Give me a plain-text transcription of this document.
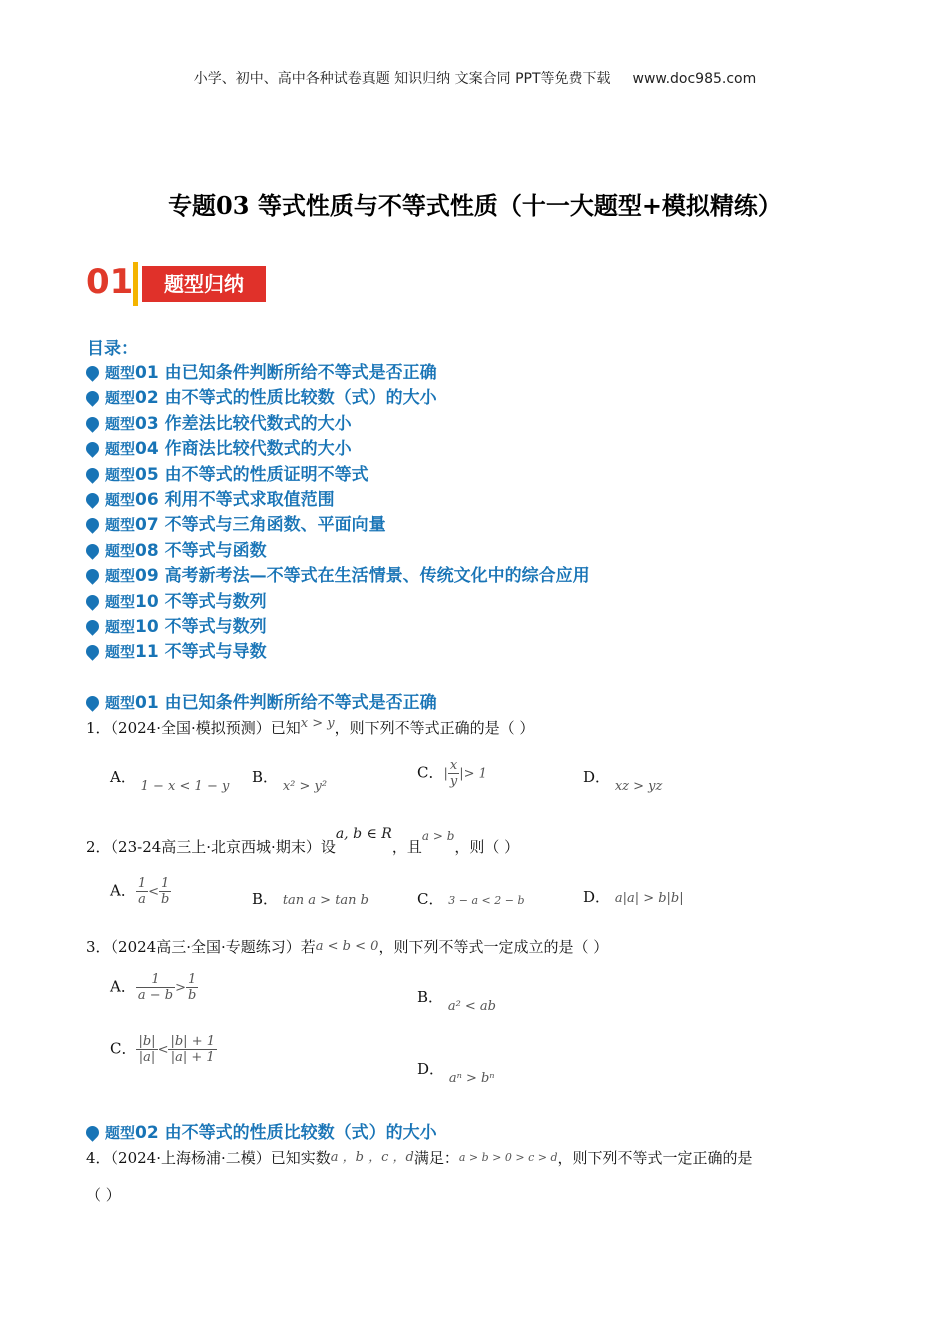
小学、初中、高中各种试卷真题 知识归纳 文案合同 PPT等免费下载 www.doc985.com
专题03 等式性质与不等式性质（十一大题型+模拟精练）
01	题型归纳
目录：
题型01 由已知条件判断所给不等式是否正确
题型02 由不等式的性质比较数（式）的大小
题型03 作差法比较代数式的大小
题型04 作商法比较代数式的大小
题型05 由不等式的性质证明不等式
题型06 利用不等式求取值范围
题型07 不等式与三角函数、平面向量
题型08 不等式与函数
题型09 高考新考法—不等式在生活情景、传统文化中的综合应用
题型10 不等式与数列
题型10 不等式与数列
题型11 不等式与导数
题型01 由已知条件判断所给不等式是否正确
1．（2024·全国·模拟预测）已知x > y，则下列不等式正确的是（ ）
A． 1 − x < 1 − y
B． x² > y²
C．| $\frac{x}{y}$ |> 1	D． xz > yz
2．（23-24高三上·北京西城·期末）设a, b ∈ R，且$^{a > b}$，则（ ）
A． $\frac{1}{a} < \frac{1}{b}$	B． tan a > tan b	C． 3 − a < 2 − b	D． a|a| > b|b|
3．（2024高三·全国·专题练习）若a < b < 0，则下列不等式一定成立的是（ ）
A． $\frac{1}{a - b} > \frac{1}{b}$	B． a² < ab
C． $\frac{|b|}{|a|} < \frac{|b| + 1}{|a| + 1}$
D． aⁿ > bⁿ
题型02 由不等式的性质比较数（式）的大小
4．（2024·上海杨浦·二模）已知实数a ，b ，c ，d满足：a > b > 0 > c > d，则下列不等式一定正确的是
（ ）
